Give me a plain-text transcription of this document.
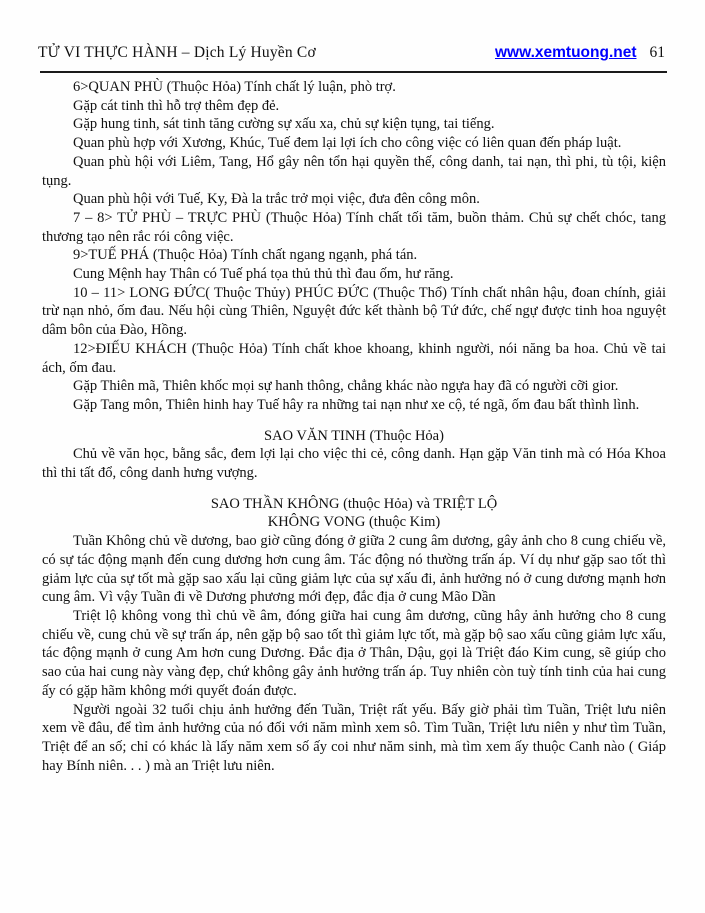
TỬ VI THỰC HÀNH – Dịch Lý Huyền Cơ	www.xemtuong.net 61

6>QUAN PHÙ (Thuộc Hỏa) Tính chất lý luận, phò trợ.

Gặp cát tinh thì hỗ trợ thêm đẹp đẻ.

Gặp hung tinh, sát tinh tăng cường sự xấu xa, chủ sự kiện tụng, tai tiếng.

Quan phù hợp với Xương, Khúc, Tuế đem lại lợi ích cho công việc có liên quan đến pháp luật.

Quan phù hội với Liêm, Tang, Hổ gây nên tổn hại quyền thế, công danh, tai nạn, thì phi, tù tội, kiện tụng.

Quan phù hội với Tuế, Ky, Đà la trắc trở mọi việc, đưa đên công môn.

7 – 8> TỬ PHÙ – TRỰC PHÙ (Thuộc Hỏa) Tính chất tối tăm, buồn thảm. Chủ sự chết chóc, tang thương tạo nên rắc rói công việc.

9>TUẾ PHÁ (Thuộc Hỏa) Tính chất ngang ngạnh, phá tán.

Cung Mệnh hay Thân có Tuế phá tọa thủ thủ thì đau ốm, hư răng.

10 – 11> LONG ĐỨC( Thuộc Thủy) PHÚC ĐỨC (Thuộc Thổ) Tính chất nhân hậu, đoan chính, giải trừ nạn nhỏ, ốm đau. Nếu hội cùng Thiên, Nguyệt đức kết thành bộ Tứ đức, chế ngự được tinh hoa nguyệt dâm bôn của Đào, Hồng.

12>ĐIẾU KHÁCH (Thuộc Hỏa) Tính chất khoe khoang, khinh người, nói năng ba hoa. Chủ về tai ách, ốm đau.

Gặp Thiên mã, Thiên khốc mọi sự hanh thông, chẳng khác nào ngựa hay đã có người cỡi gior.

Gặp Tang môn, Thiên hinh hay Tuế hây ra những tai nạn như xe cộ, té ngã, ốm đau bất thình lình.

SAO VĂN TINH (Thuộc Hỏa)

Chủ về văn học, bằng sắc, đem lợi lại cho việc thi cẻ, công danh. Hạn gặp Văn tinh mà có Hóa Khoa thì thi tất đổ, công danh hưng vượng.

SAO THẦN KHÔNG (thuộc Hỏa) và TRIỆT LỘ

KHÔNG VONG (thuộc Kim)

Tuần Không chủ về dương, bao giờ cũng đóng ở giữa 2 cung âm dương, gây ảnh cho 8 cung chiếu về, có sự tác động mạnh đến cung dương hơn cung âm. Tác động nó thường trấn áp. Ví dụ như gặp sao tốt thì giảm lực của sự tốt mà gặp sao xấu lại cũng giảm lực của sự xấu đi, ảnh hưởng nó ở cung dương mạnh hơn cung âm. Vì vậy Tuần đi về Dương phương mới đẹp, đắc địa ở cung Mão Dần

Triệt lộ không vong thì chủ về âm, đóng giữa hai cung âm dương, cũng hây ảnh hưởng cho 8 cung chiếu về, cung chủ về sự trấn áp, nên gặp bộ sao tốt thì giảm lực tốt, mà gặp bộ sao xấu cũng giảm lực xấu, tác động mạnh ở cung Am hơn cung Dương. Đắc địa ở Thân, Dậu, gọi là Triệt đáo Kim cung, sẽ giúp cho sao của hai cung này vàng đẹp, chứ không gây ảnh hưởng trấn áp. Tuy nhiên còn tuỳ tính tinh của hai cung ấy có gặp hãm không mới quyết đoán được.

Người ngoài 32 tuổi chịu ảnh hưởng đến Tuần, Triệt rất yếu. Bấy giờ phải tìm Tuần, Triệt lưu niên xem về đâu, để tìm ảnh hưởng của nó đối với năm mình xem sô. Tìm Tuần, Triệt lưu niên y như tìm Tuần, Triệt để an số; chỉ có khác là lấy năm xem số ấy coi như năm sinh, mà tìm xem ấy thuộc Canh nào ( Giáp hay Bính niên. . . ) mà an Triệt lưu niên.
